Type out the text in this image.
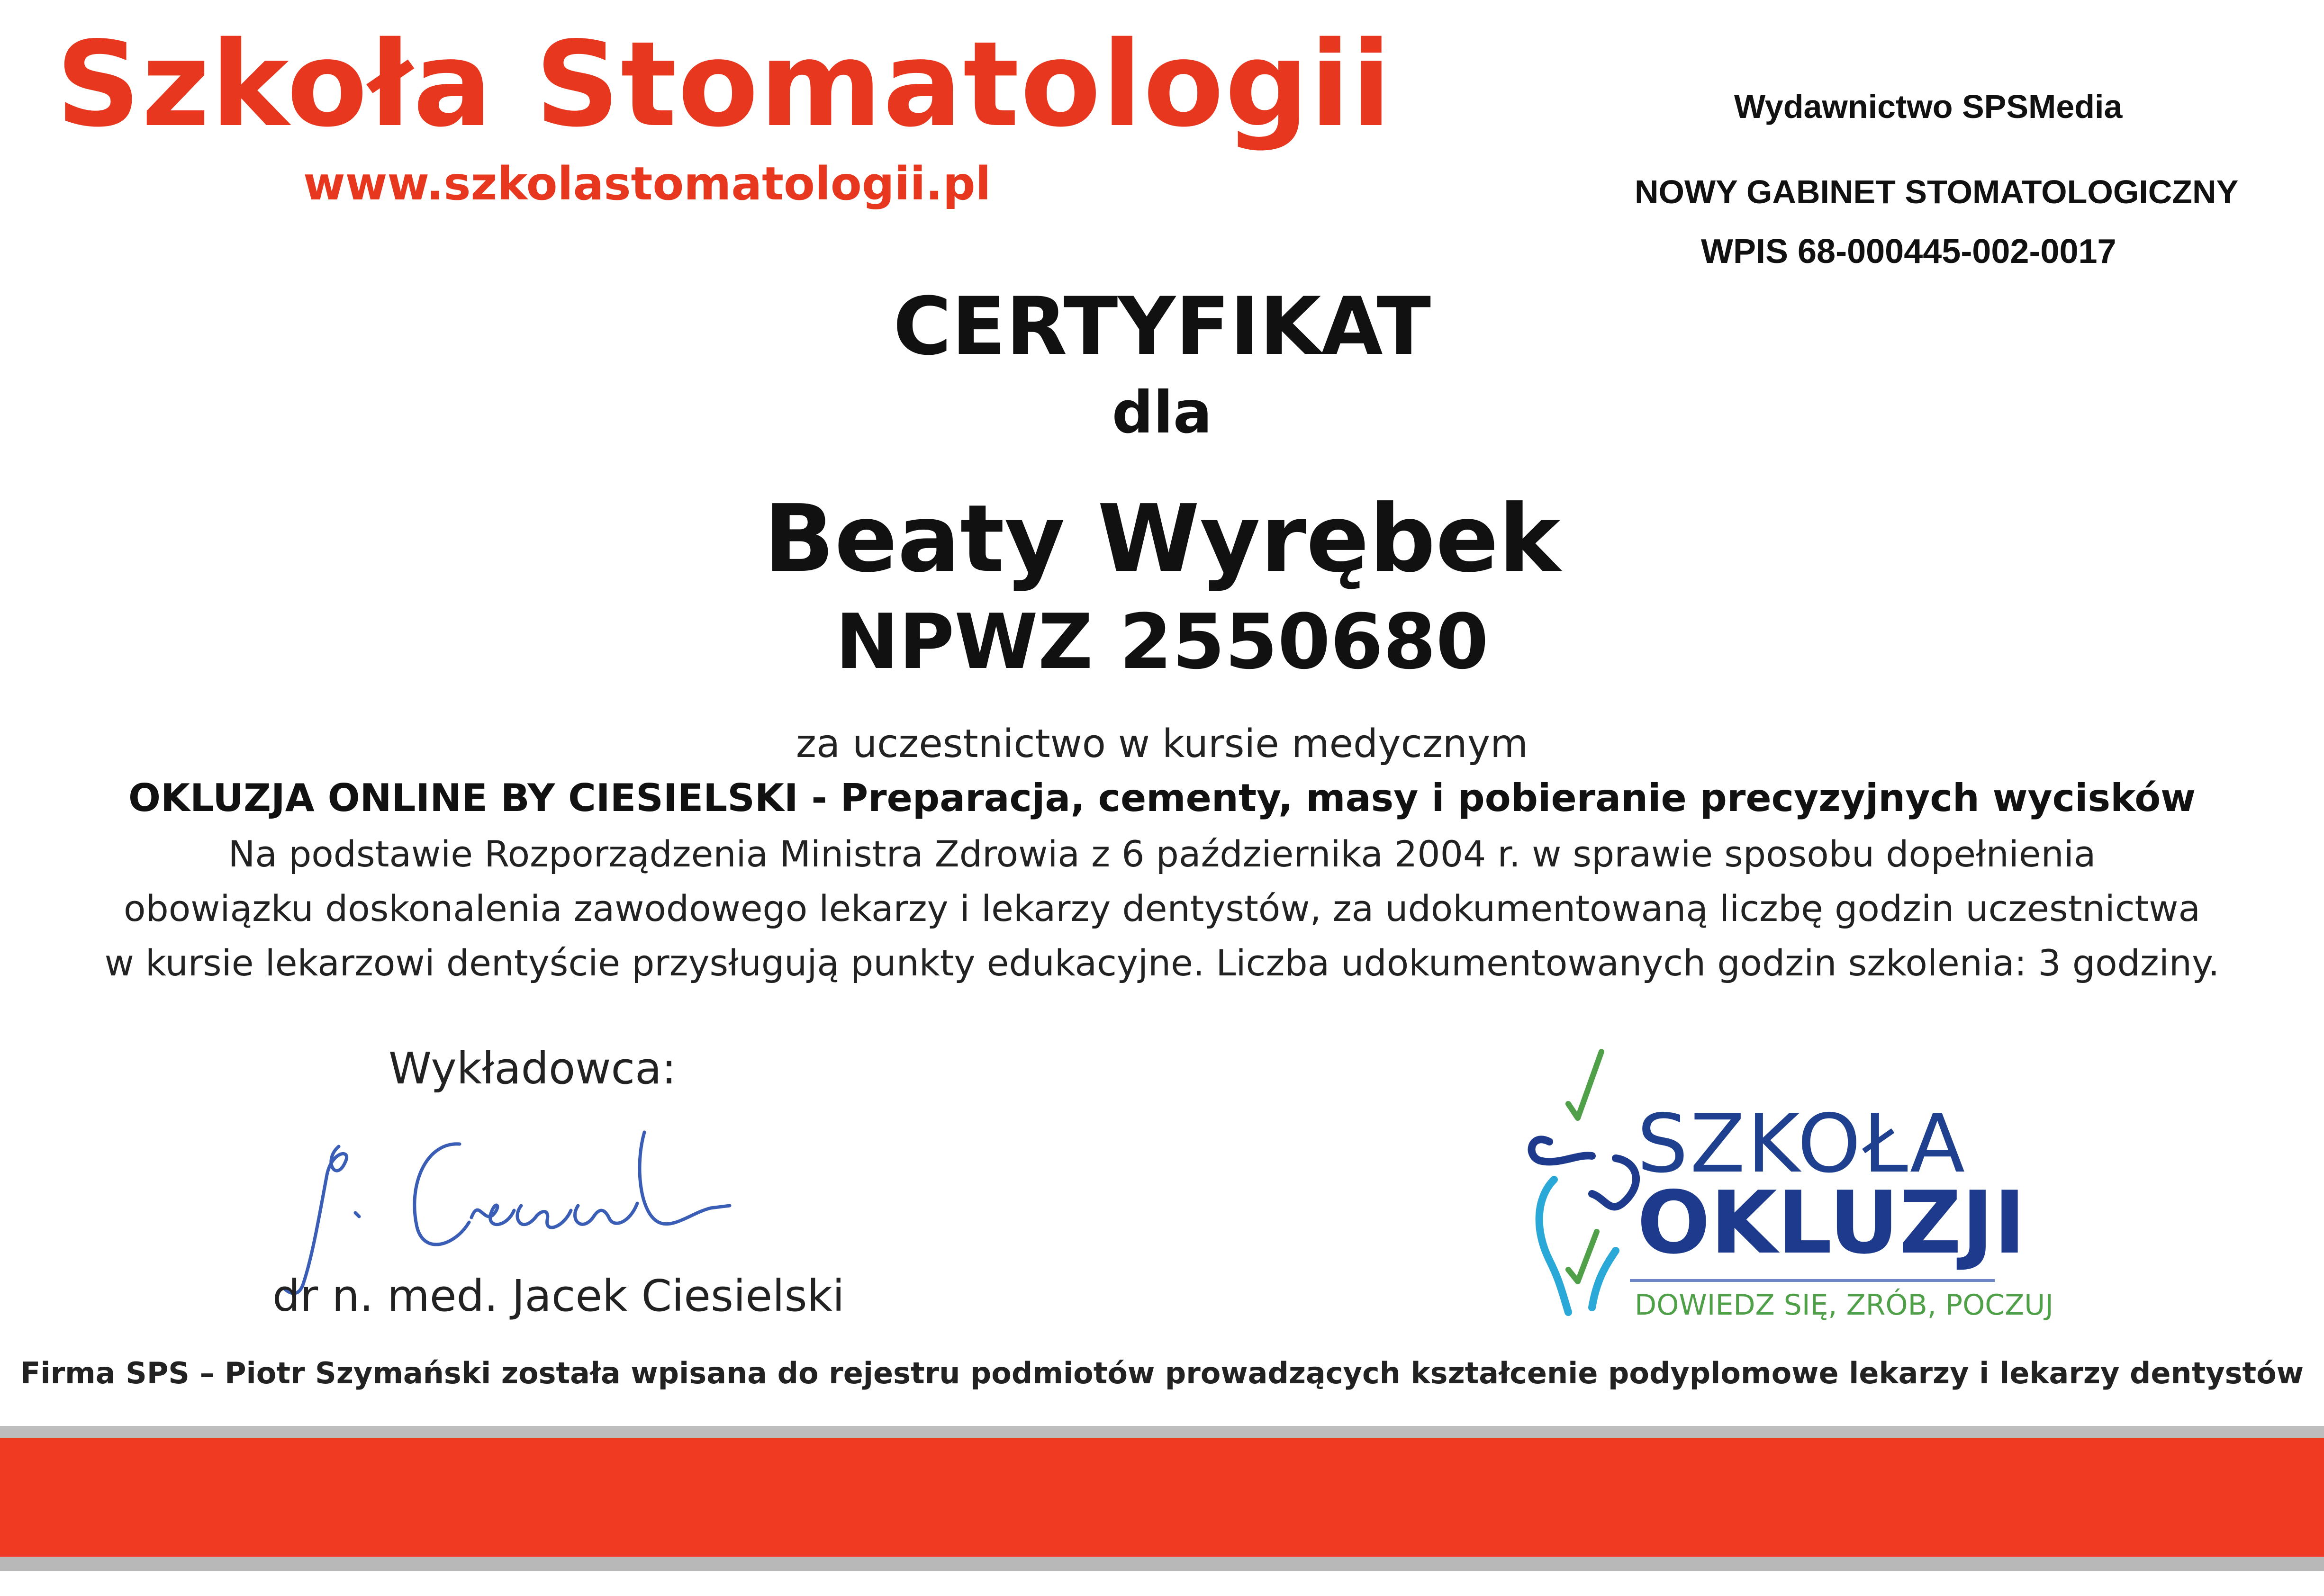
Szkoła Stomatologii
www.szkolastomatologii.pl
Wydawnictwo SPSMedia
NOWY GABINET STOMATOLOGICZNY
WPIS 68-000445-002-0017
CERTYFIKAT
dla
Beaty Wyrębek
NPWZ 2550680
za uczestnictwo w kursie medycznym
OKLUZJA ONLINE BY CIESIELSKI - Preparacja, cementy, masy i pobieranie precyzyjnych wycisków
Na podstawie Rozporządzenia Ministra Zdrowia z 6 października 2004 r. w sprawie sposobu dopełnienia
obowiązku doskonalenia zawodowego lekarzy i lekarzy dentystów, za udokumentowaną liczbę godzin uczestnictwa
w kursie lekarzowi dentyście przysługują punkty edukacyjne. Liczba udokumentowanych godzin szkolenia: 3 godziny.
Wykładowca:
dr n. med. Jacek Ciesielski
SZKOŁA
OKLUZJI
DOWIEDZ SIĘ, ZRÓB, POCZUJ
Firma SPS – Piotr Szymański została wpisana do rejestru podmiotów prowadzących kształcenie podyplomowe lekarzy i lekarzy dentystów
